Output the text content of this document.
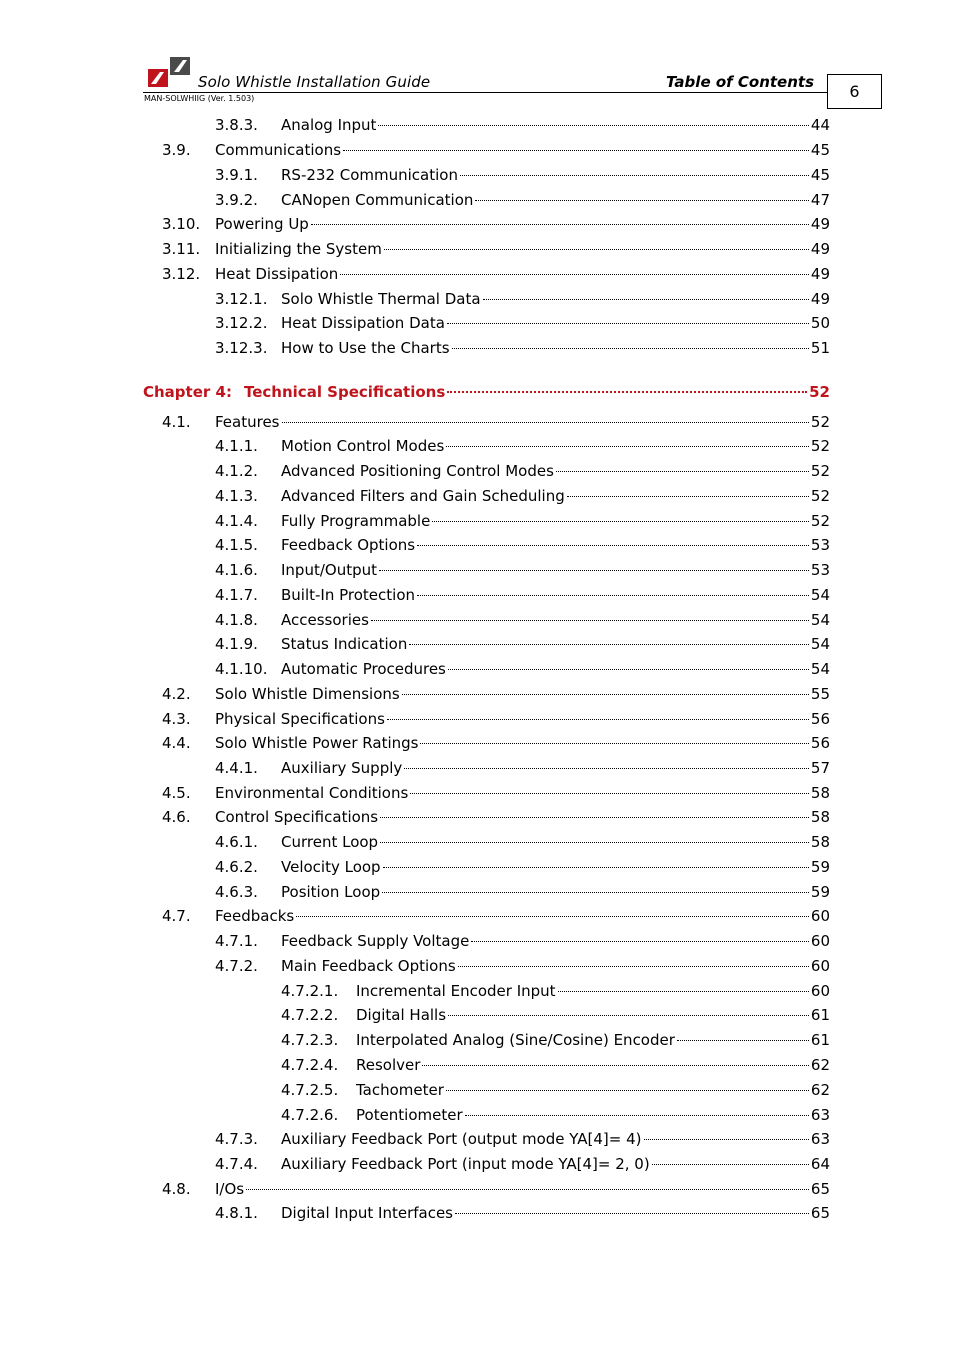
Solo Whistle Installation Guide	Table of Contents
MAN-SOLWHIIG (Ver. 1.503)	6
3.8.3.	Analog Input	44
3.9.	Communications	45
3.9.1.	RS-232 Communication	45
3.9.2.	CANopen Communication	47
3.10. Powering Up	49
3.11. Initializing the System	49
3.12. Heat Dissipation	49
3.12.1. Solo Whistle Thermal Data	49
3.12.2. Heat Dissipation Data	50
3.12.3. How to Use the Charts	51
Chapter 4: Technical Specifications	52
4.1.	Features	52
4.1.1.	Motion Control Modes	52
4.1.2.	Advanced Positioning Control Modes	52
4.1.3.	Advanced Filters and Gain Scheduling	52
4.1.4.	Fully Programmable	52
4.1.5.	Feedback Options	53
4.1.6.	Input/Output	53
4.1.7.	Built-In Protection	54
4.1.8.	Accessories	54
4.1.9.	Status Indication	54
4.1.10. Automatic Procedures	54
4.2.	Solo Whistle Dimensions	55
4.3.	Physical Specifications	56
4.4.	Solo Whistle Power Ratings	56
4.4.1.	Auxiliary Supply	57
4.5.	Environmental Conditions	58
4.6.	Control Specifications	58
4.6.1.	Current Loop	58
4.6.2.	Velocity Loop	59
4.6.3.	Position Loop	59
4.7.	Feedbacks	60
4.7.1.	Feedback Supply Voltage	60
4.7.2.	Main Feedback Options	60
4.7.2.1.	Incremental Encoder Input	60
4.7.2.2.	Digital Halls	61
4.7.2.3.	Interpolated Analog (Sine/Cosine) Encoder	61
4.7.2.4.	Resolver	62
4.7.2.5.	Tachometer	62
4.7.2.6.	Potentiometer	63
4.7.3.	Auxiliary Feedback Port (output mode YA[4]= 4)	63
4.7.4.	Auxiliary Feedback Port (input mode YA[4]= 2, 0)	64
4.8.	I/Os	65
4.8.1.	Digital Input Interfaces	65
